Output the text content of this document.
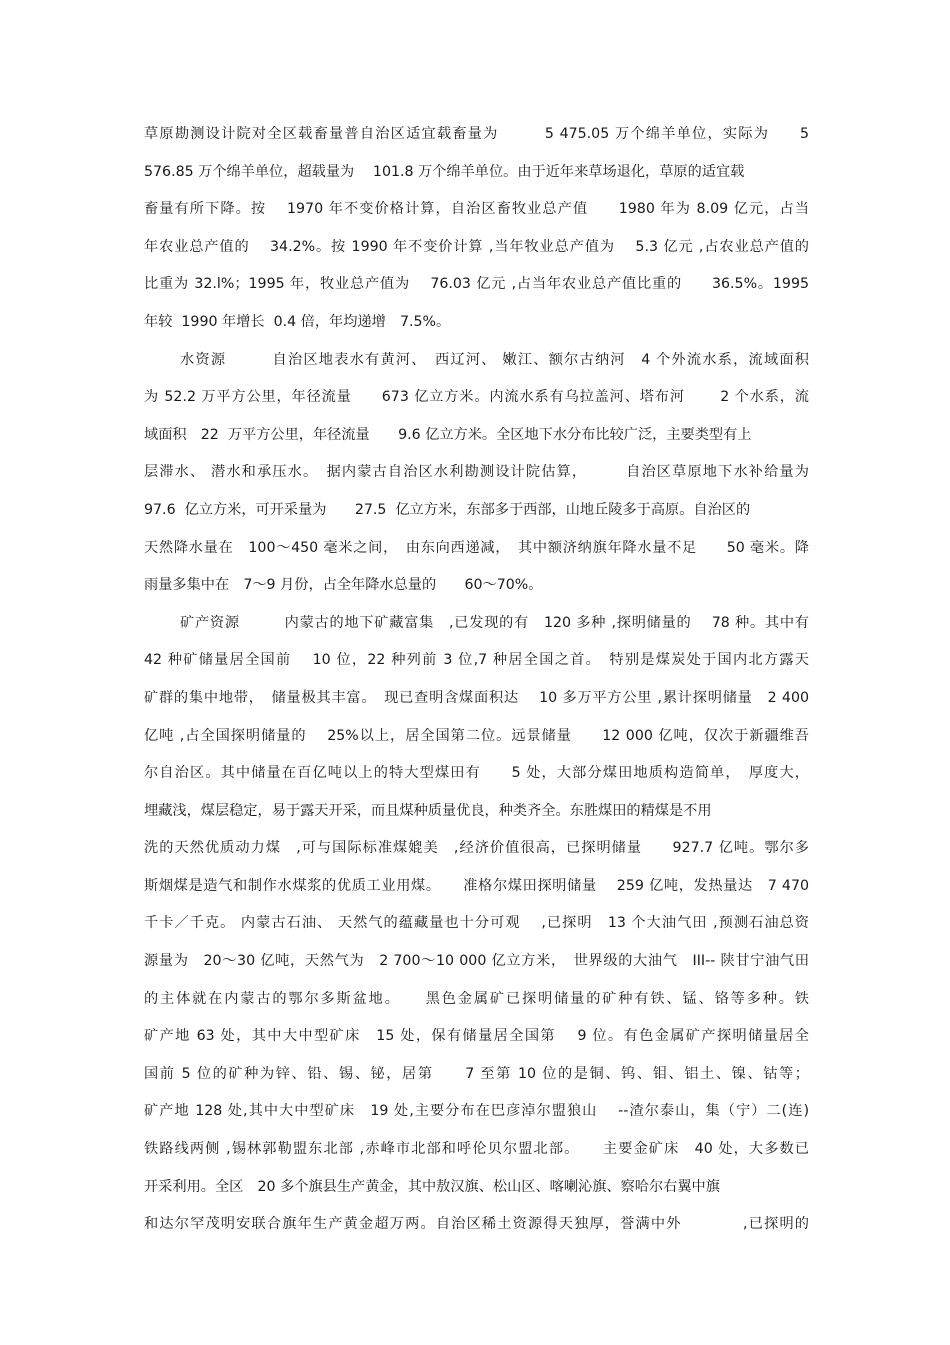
草原勘测设计院对全区载畜量普自治区适宜载畜量为　　　5 475.05 万个绵羊单位，实际为　　5
576.85 万个绵羊单位，超载量为　 101.8 万个绵羊单位。由于近年来草场退化，草原的适宜载
畜量有所下降。按　 1970 年不变价格计算，自治区畜牧业总产值　　1980 年为 8.09 亿元，占当
年农业总产值的　 34.2%。按 1990 年不变价计算 ,当年牧业总产值为　 5.3 亿元 ,占农业总产值的
比重为 32.l%；1995 年，牧业总产值为　 76.03 亿元 ,占当年农业总产值比重的　　36.5%。1995
年较  1990 年增长  0.4 倍，年均递增　7.5%。
水资源　　　自治区地表水有黄河、　西辽河、 嫩江、额尔古纳河　4 个外流水系，流域面积
为 52.2 万平方公里，年径流量　　673 亿立方米。内流水系有乌拉盖河、塔布河　　 2 个水系，流
域面积　22  万平方公里，年径流量　　9.6 亿立方米。全区地下水分布比较广泛，主要类型有上
层滞水、 潜水和承压水。　据内蒙古自治区水利勘测设计院估算，　　　自治区草原地下水补给量为
97.6  亿立方米，可开采量为　　27.5  亿立方米，东部多于西部，山地丘陵多于高原。自治区的
天然降水量在　100～450 毫米之间，　由东向西递减，　其中额济纳旗年降水量不足　　50 毫米。降
雨量多集中在　7～9 月份，占全年降水总量的　　60～70%。
矿产资源　　　内蒙古的地下矿藏富集　,已发现的有　120 多种 ,探明储量的　 78 种。其中有
42 种矿储量居全国前　 10 位，22 种列前 3 位,7 种居全国之首。　特别是煤炭处于国内北方露天
矿群的集中地带，　储量极其丰富。　现已查明含煤面积达　 10 多万平方公里 ,累计探明储量　2 400
亿吨 ,占全国探明储量的　 25%以上，居全国第二位。远景储量　　12 000 亿吨，仅次于新疆维吾
尔自治区。其中储量在百亿吨以上的特大型煤田有　　5 处，大部分煤田地质构造简单，　厚度大，
埋藏浅，煤层稳定，易于露天开采，而且煤种质量优良，种类齐全。东胜煤田的精煤是不用
洗的天然优质动力煤　,可与国际标准煤媲美　,经济价值很高，已探明储量　　927.7 亿吨。鄂尔多
斯烟煤是造气和制作水煤浆的优质工业用煤。　　准格尔煤田探明储量　 259 亿吨，发热量达　7 470
千卡／千克。 内蒙古石油、 天然气的蕴藏量也十分可观　 ,已探明　13 个大油气田 ,预测石油总资
源量为　20～30 亿吨，天然气为　2 700～10 000 亿立方米，　世界级的大油气　III-- 陕甘宁油气田
的主体就在内蒙古的鄂尔多斯盆地。　　黑色金属矿已探明储量的矿种有铁、锰、铬等多种。铁
矿产地 63 处，其中大中型矿床　15 处，保有储量居全国第　 9 位。有色金属矿产探明储量居全
国前 5 位的矿种为锌、铅、锡、铋，居第　　7 至第 10 位的是铜、钨、钼、铝土、镍、钴等；
矿产地 128 处,其中大中型矿床　19 处,主要分布在巴彦淖尔盟狼山　 --渣尔泰山，集（宁）二(连)
铁路线两侧 ,锡林郭勒盟东北部 ,赤峰市北部和呼伦贝尔盟北部。　　主要金矿床　40 处，大多数已
开采利用。全区　20 多个旗县生产黄金，其中敖汉旗、松山区、喀喇沁旗、察哈尔右翼中旗
和达尔罕茂明安联合旗年生产黄金超万两。自治区稀土资源得天独厚，誉满中外　　　　,已探明的
